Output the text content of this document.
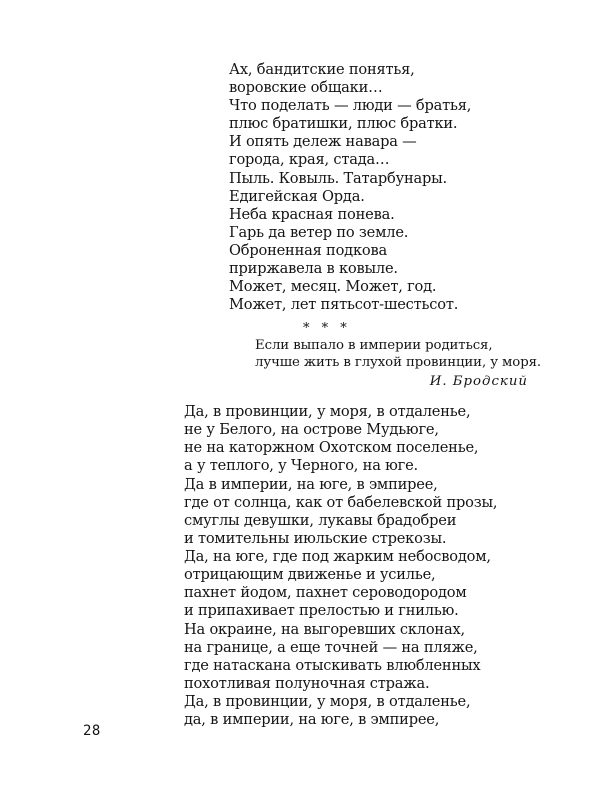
Ах, бандитские понятья,
воровские общаки…
Что поделать — люди — братья,
плюс братишки, плюс братки.
И опять дележ навара —
города, края, стада…
Пыль. Ковыль. Татарбунары.
Едигейская Орда.
Неба красная понева.
Гарь да ветер по земле.
Оброненная подкова
приржавела в ковыле.
Может, месяц. Может, год.
Может, лет пятьсот-шестьсот.
* * *
Если выпало в империи родиться,
лучше жить в глухой провинции, у моря.
И. Бродский
Да, в провинции, у моря, в отдаленье,
не у Белого, на острове Мудьюге,
не на каторжном Охотском поселенье,
а у теплого, у Черного, на юге.
Да в империи, на юге, в эмпирее,
где от солнца, как от бабелевской прозы,
смуглы девушки, лукавы брадобреи
и томительны июльские стрекозы.
Да, на юге, где под жарким небосводом,
отрицающим движенье и усилье,
пахнет йодом, пахнет сероводородом
и припахивает прелостью и гнилью.
На окраине, на выгоревших склонах,
на границе, а еще точней — на пляже,
где натаскана отыскивать влюбленных
похотливая полуночная стража.
Да, в провинции, у моря, в отдаленье,
да, в империи, на юге, в эмпирее,
28
